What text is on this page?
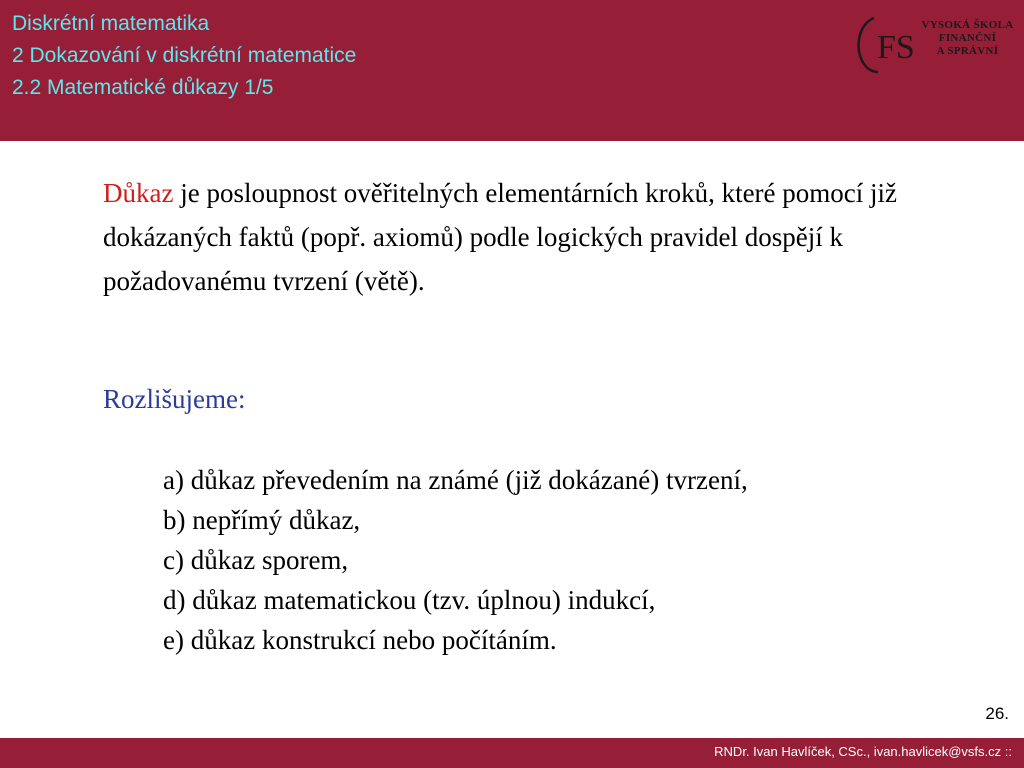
Diskrétní matematika

2 Dokazování v diskrétní matematice

2.2 Matematické důkazy 1/5

FS
VYSOKÁ ŠKOLA
FINANČNÍ
A SPRÁVNÍ

Důkaz je posloupnost ověřitelných elementárních kroků, které pomocí již dokázaných faktů (popř. axiomů) podle logických pravidel dospějí k požadovanému tvrzení (větě).

Rozlišujeme:

a) důkaz převedením na známé (již dokázané) tvrzení,
b) nepřímý důkaz,
c) důkaz sporem,
d) důkaz matematickou (tzv. úplnou) indukcí,
e) důkaz konstrukcí nebo počítáním.
26.
RNDr. Ivan Havlíček, CSc., ivan.havlicek@vsfs.cz ::
